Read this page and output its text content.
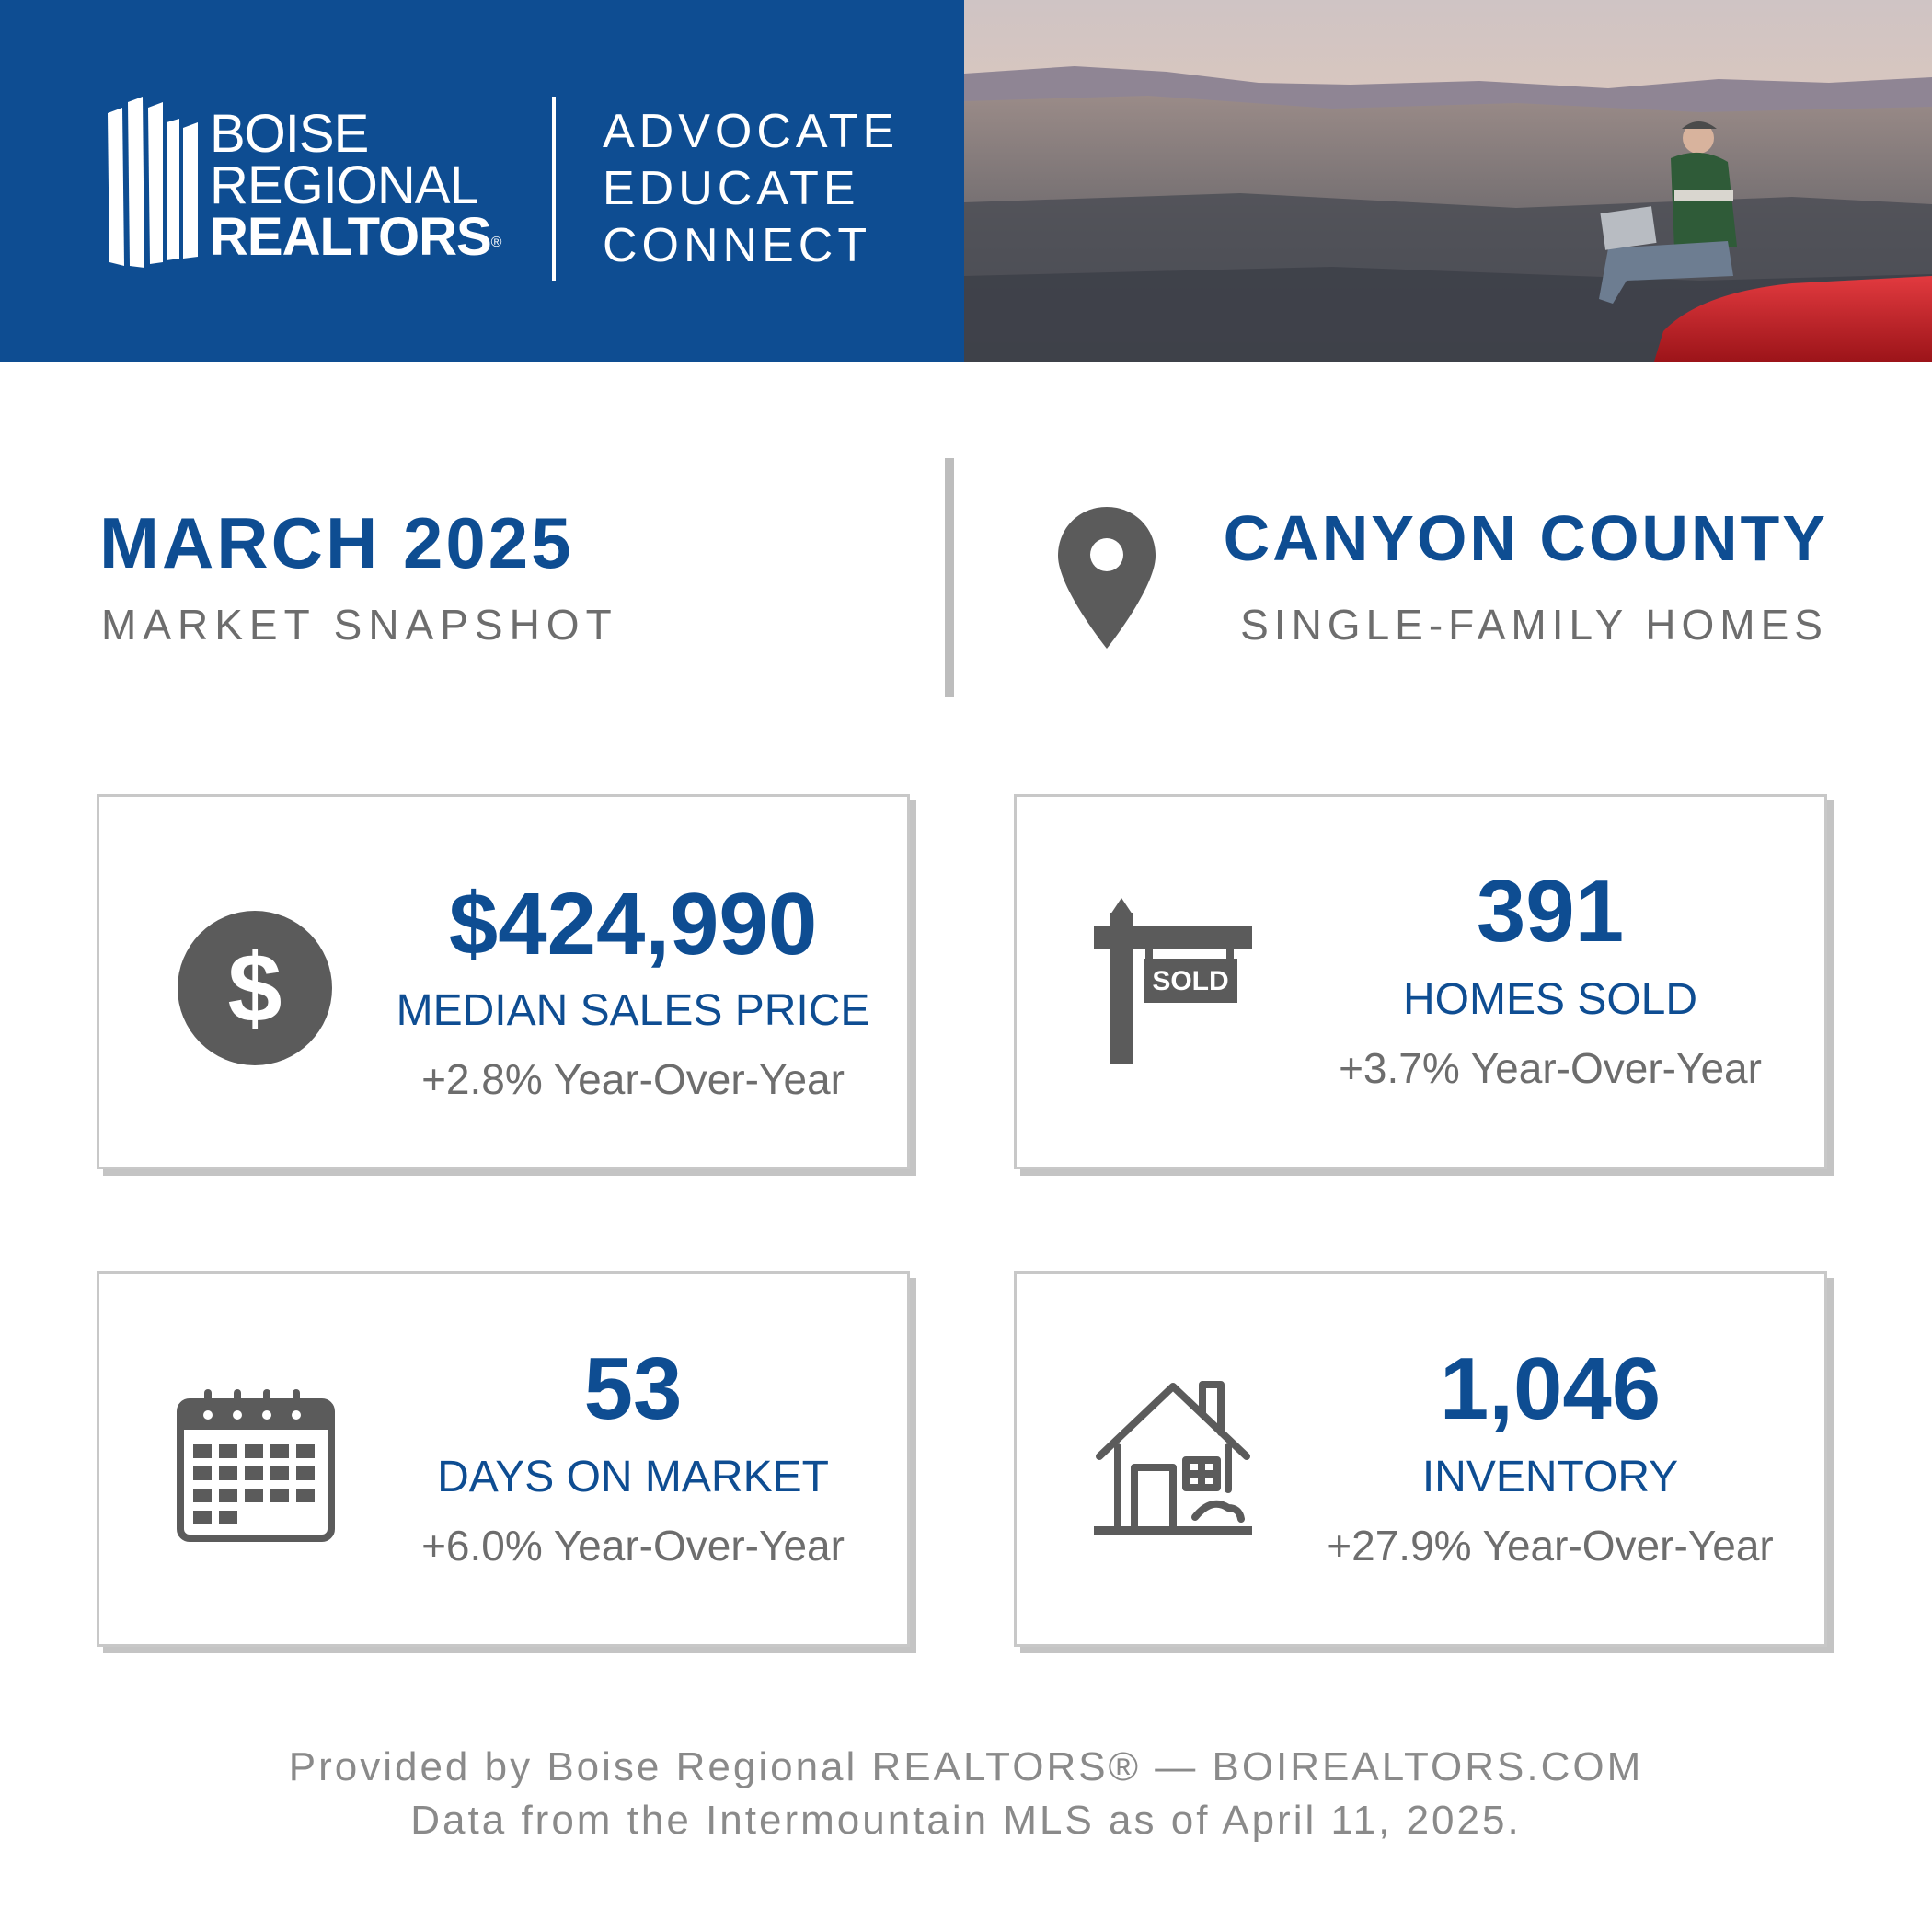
BOISE
REGIONAL
REALTORS®
ADVOCATE
EDUCATE
CONNECT
MARCH 2025
MARKET SNAPSHOT
CANYON COUNTY
SINGLE-FAMILY HOMES
$
$424,990
MEDIAN SALES PRICE
+2.8% Year-Over-Year
SOLD
391
HOMES SOLD
+3.7% Year-Over-Year
53
DAYS ON MARKET
+6.0% Year-Over-Year
1,046
INVENTORY
+27.9% Year-Over-Year
Provided by Boise Regional REALTORS® — BOIREALTORS.COM
Data from the Intermountain MLS as of April 11, 2025.
